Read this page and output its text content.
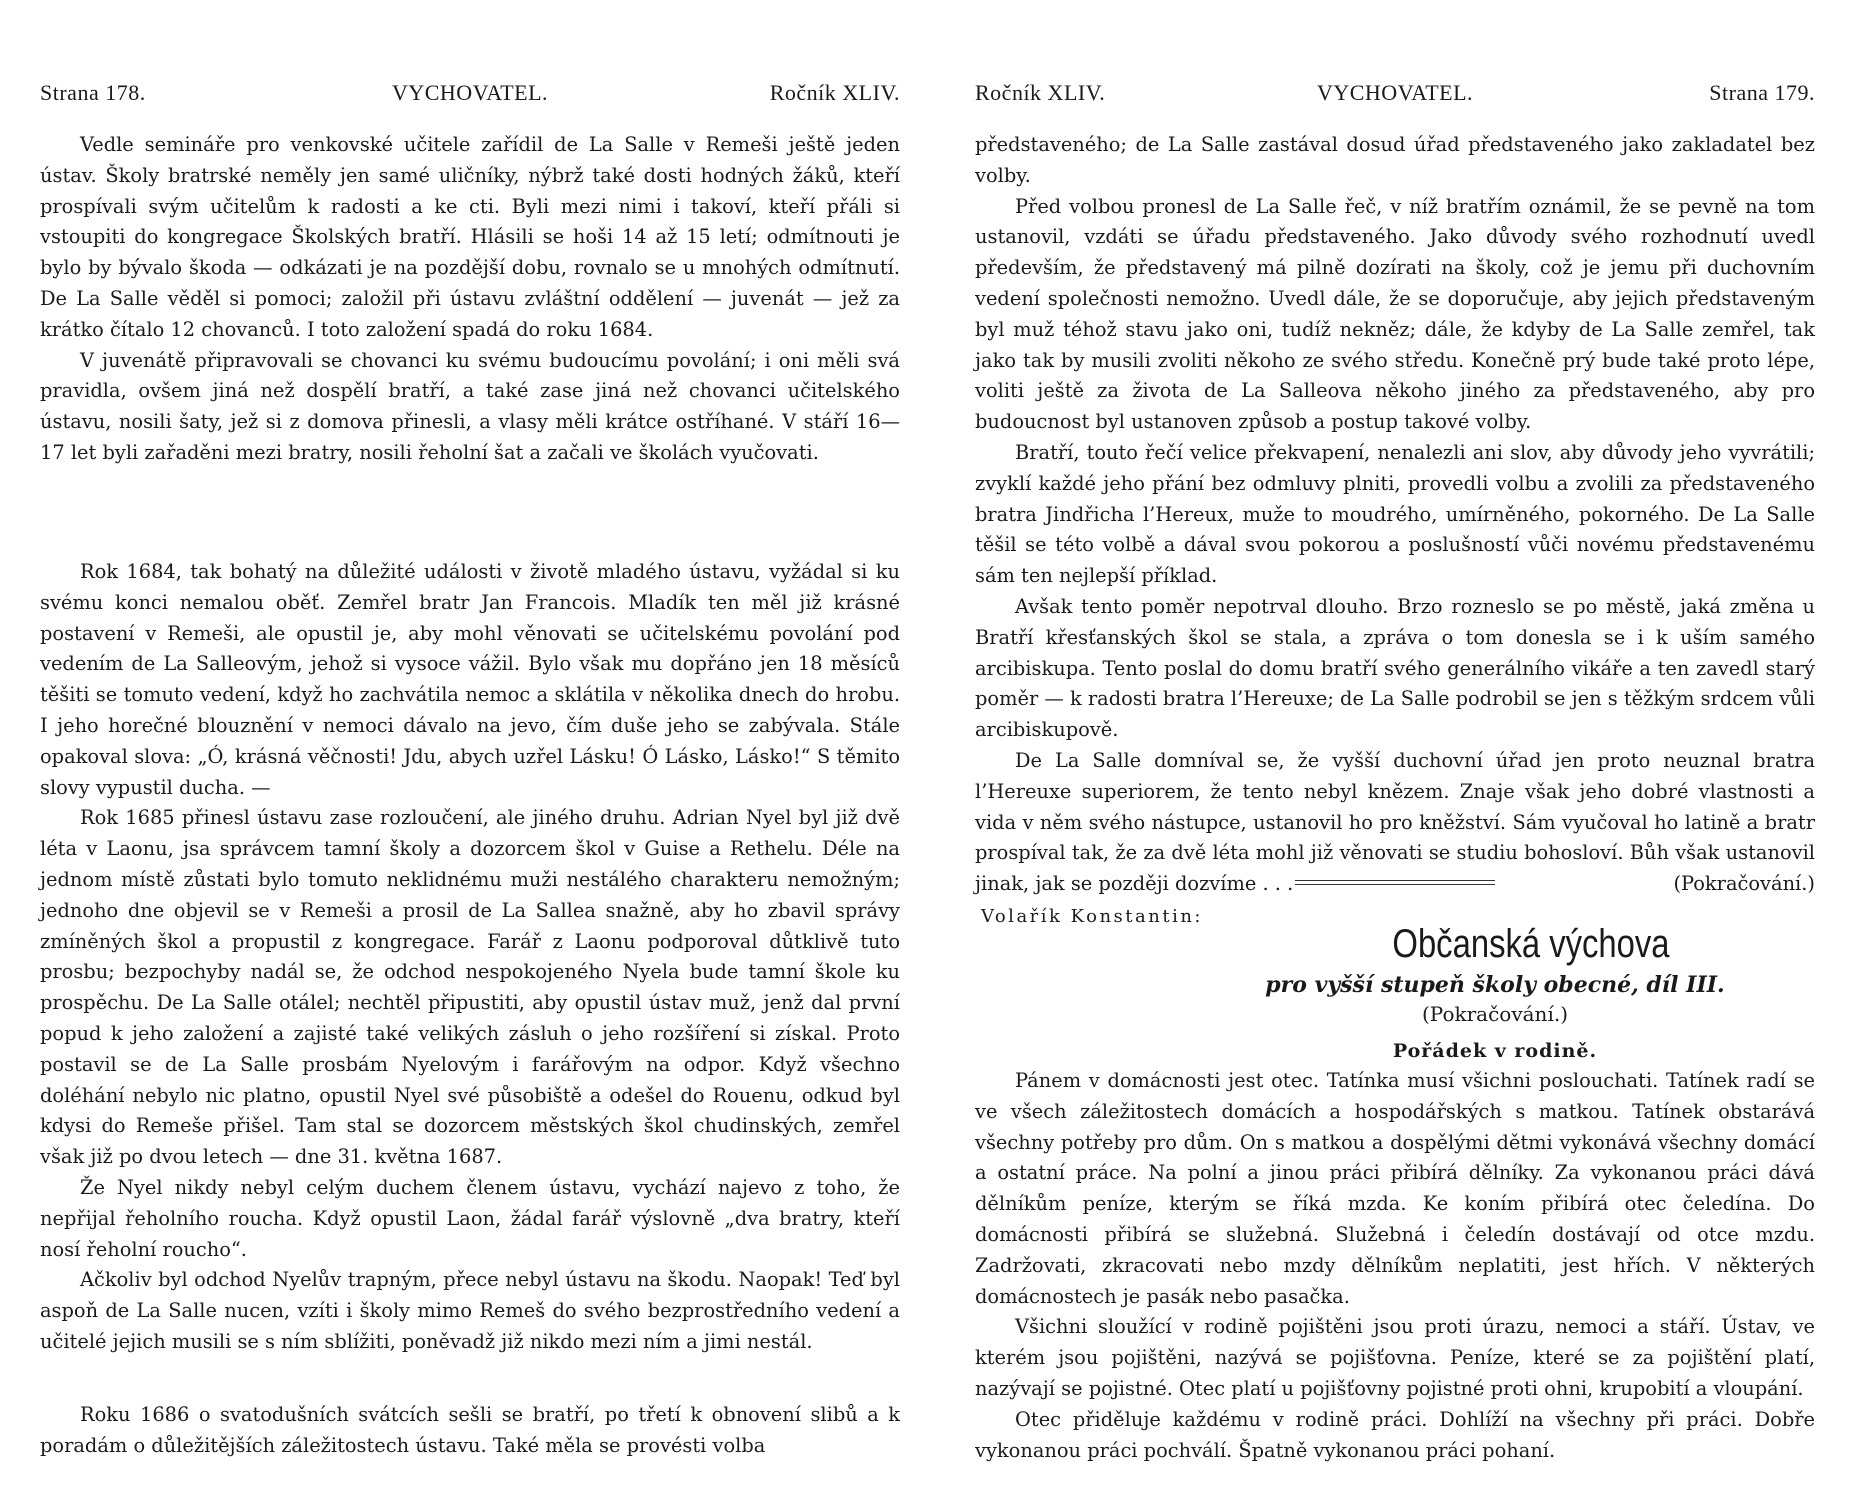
Strana 178.	VYCHOVATEL.	Ročník XLIV.

Vedle semináře pro venkovské učitele zařídil de La Salle v Remeši ještě jeden ústav. Školy bratrské neměly jen samé uličníky, nýbrž také dosti hodných žáků, kteří prospívali svým učitelům k radosti a ke cti. Byli mezi nimi i takoví, kteří přáli si vstoupiti do kongregace Školských bratří. Hlásili se hoši 14 až 15 letí; odmítnouti je bylo by bývalo škoda — odkázati je na pozdější dobu, rovnalo se u mnohých odmítnutí. De La Salle věděl si pomoci; založil při ústavu zvláštní oddělení — juvenát — jež za krátko čítalo 12 chovanců. I toto založení spadá do roku 1684.

V juvenátě připravovali se chovanci ku svému budoucímu povolání; i oni měli svá pravidla, ovšem jiná než dospělí bratří, a také zase jiná než chovanci učitelského ústavu, nosili šaty, jež si z domova přinesli, a vlasy měli krátce ostříhané. V stáří 16—17 let byli zařaděni mezi bratry, nosili řeholní šat a začali ve školách vyučovati.

Rok 1684, tak bohatý na důležité události v životě mladého ústavu, vyžádal si ku svému konci nemalou oběť. Zemřel bratr Jan Francois. Mladík ten měl již krásné postavení v Remeši, ale opustil je, aby mohl věnovati se učitelskému povolání pod vedením de La Salleovým, jehož si vysoce vážil. Bylo však mu dopřáno jen 18 měsíců těšiti se tomuto vedení, když ho zachvátila nemoc a sklátila v několika dnech do hrobu. I jeho horečné blouznění v nemoci dávalo na jevo, čím duše jeho se zabývala. Stále opakoval slova: „Ó, krásná věčnosti! Jdu, abych uzřel Lásku! Ó Lásko, Lásko!“ S těmito slovy vypustil ducha. —

Rok 1685 přinesl ústavu zase rozloučení, ale jiného druhu. Adrian Nyel byl již dvě léta v Laonu, jsa správcem tamní školy a dozorcem škol v Guise a Rethelu. Déle na jednom místě zůstati bylo tomuto neklidnému muži nestálého charakteru nemožným; jednoho dne objevil se v Remeši a prosil de La Sallea snažně, aby ho zbavil správy zmíněných škol a propustil z kongregace. Farář z Laonu podporoval důtklivě tuto prosbu; bezpochyby nadál se, že odchod nespokojeného Nyela bude tamní škole ku prospěchu. De La Salle otálel; nechtěl připustiti, aby opustil ústav muž, jenž dal první popud k jeho založení a zajisté také velikých zásluh o jeho rozšíření si získal. Proto postavil se de La Salle prosbám Nyelovým i farářovým na odpor. Když všechno doléhání nebylo nic platno, opustil Nyel své působiště a odešel do Rouenu, odkud byl kdysi do Remeše přišel. Tam stal se dozorcem městských škol chudinských, zemřel však již po dvou letech — dne 31. května 1687.

Že Nyel nikdy nebyl celým duchem členem ústavu, vychází najevo z toho, že nepřijal řeholního roucha. Když opustil Laon, žádal farář výslovně „dva bratry, kteří nosí řeholní roucho“.

Ačkoliv byl odchod Nyelův trapným, přece nebyl ústavu na škodu. Naopak! Teď byl aspoň de La Salle nucen, vzíti i školy mimo Remeš do svého bezprostředního vedení a učitelé jejich musili se s ním sblížiti, poněvadž již nikdo mezi ním a jimi nestál.

Roku 1686 o svatodušních svátcích sešli se bratří, po třetí k obnovení slibů a k poradám o důležitějších záležitostech ústavu. Také měla se provésti volba

Ročník XLIV.	VYCHOVATEL.	Strana 179.

představeného; de La Salle zastával dosud úřad představeného jako zakladatel bez volby.

Před volbou pronesl de La Salle řeč, v níž bratřím oznámil, že se pevně na tom ustanovil, vzdáti se úřadu představeného. Jako důvody svého rozhodnutí uvedl především, že představený má pilně dozírati na školy, což je jemu při duchovním vedení společnosti nemožno. Uvedl dále, že se doporučuje, aby jejich představeným byl muž téhož stavu jako oni, tudíž nekněz; dále, že kdyby de La Salle zemřel, tak jako tak by musili zvoliti někoho ze svého středu. Konečně prý bude také proto lépe, voliti ještě za života de La Salleova někoho jiného za představeného, aby pro budoucnost byl ustanoven způsob a postup takové volby.

Bratří, touto řečí velice překvapení, nenalezli ani slov, aby důvody jeho vyvrátili; zvyklí každé jeho přání bez odmluvy plniti, provedli volbu a zvolili za představeného bratra Jindřicha l’Hereux, muže to moudrého, umírněného, pokorného. De La Salle těšil se této volbě a dával svou pokorou a poslušností vůči novému představenému sám ten nejlepší příklad.

Avšak tento poměr nepotrval dlouho. Brzo rozneslo se po městě, jaká změna u Bratří křesťanských škol se stala, a zpráva o tom donesla se i k uším samého arcibiskupa. Tento poslal do domu bratří svého generálního vikáře a ten zavedl starý poměr — k radosti bratra l’Hereuxe; de La Salle podrobil se jen s těžkým srdcem vůli arcibiskupově.

De La Salle domníval se, že vyšší duchovní úřad jen proto neuznal bratra l’Hereuxe superiorem, že tento nebyl knězem. Znaje však jeho dobré vlastnosti a vida v něm svého nástupce, ustanovil ho pro kněžství. Sám vyučoval ho latině a bratr prospíval tak, že za dvě léta mohl již věnovati se studiu bohosloví. Bůh však ustanovil jinak, jak se později dozvíme . . .	(Pokračování.)

Volařík Konstantin:
Občanská výchova
pro vyšší stupeň školy obecné, díl III.
(Pokračování.)
Pořádek v rodině.

Pánem v domácnosti jest otec. Tatínka musí všichni poslouchati. Tatínek radí se ve všech záležitostech domácích a hospodářských s matkou. Tatínek obstarává všechny potřeby pro dům. On s matkou a dospělými dětmi vykonává všechny domácí a ostatní práce. Na polní a jinou práci přibírá dělníky. Za vykonanou práci dává dělníkům peníze, kterým se říká mzda. Ke koním přibírá otec čeledína. Do domácnosti přibírá se služebná. Služebná i čeledín dostávají od otce mzdu. Zadržovati, zkracovati nebo mzdy dělníkům neplatiti, jest hřích. V některých domácnostech je pasák nebo pasačka.

Všichni sloužící v rodině pojištěni jsou proti úrazu, nemoci a stáří. Ústav, ve kterém jsou pojištěni, nazývá se pojišťovna. Peníze, které se za pojištění platí, nazývají se pojistné. Otec platí u pojišťovny pojistné proti ohni, krupobití a vloupání.

Otec přiděluje každému v rodině práci. Dohlíží na všechny při práci. Dobře vykonanou práci pochválí. Špatně vykonanou práci pohaní.
